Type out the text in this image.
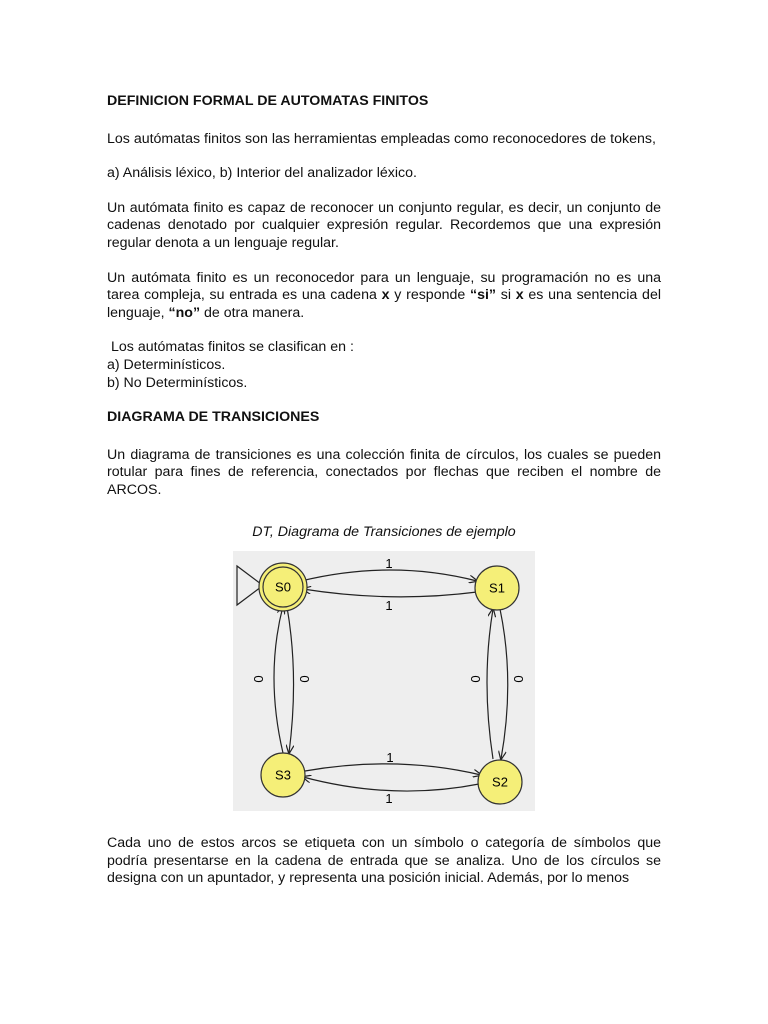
DEFINICION FORMAL DE AUTOMATAS FINITOS

Los autómatas finitos son las herramientas empleadas como reconocedores de tokens,

a) Análisis léxico, b) Interior del analizador léxico.

Un autómata finito es capaz de reconocer un conjunto regular, es decir, un conjunto de cadenas denotado por cualquier expresión regular. Recordemos que una expresión regular denota a un lenguaje regular.

Un autómata finito es un reconocedor para un lenguaje, su programación no es una tarea compleja, su entrada es una cadena x y responde “si” si x es una sentencia del lenguaje, “no” de otra manera.

Los autómatas finitos se clasifican en :

a) Determinísticos.

b) No Determinísticos.

DIAGRAMA DE TRANSICIONES

Un diagrama de transiciones es una colección finita de círculos, los cuales se pueden rotular para fines de referencia, conectados por flechas que reciben el nombre de ARCOS.

DT, Diagrama de Transiciones de ejemplo

S0	S1
S2
S3
1
1
1
1
0 0	0 0

Cada uno de estos arcos se etiqueta con un símbolo o categoría de símbolos que podría presentarse en la cadena de entrada que se analiza. Uno de los círculos se designa con un apuntador, y representa una posición inicial. Además, por lo menos
